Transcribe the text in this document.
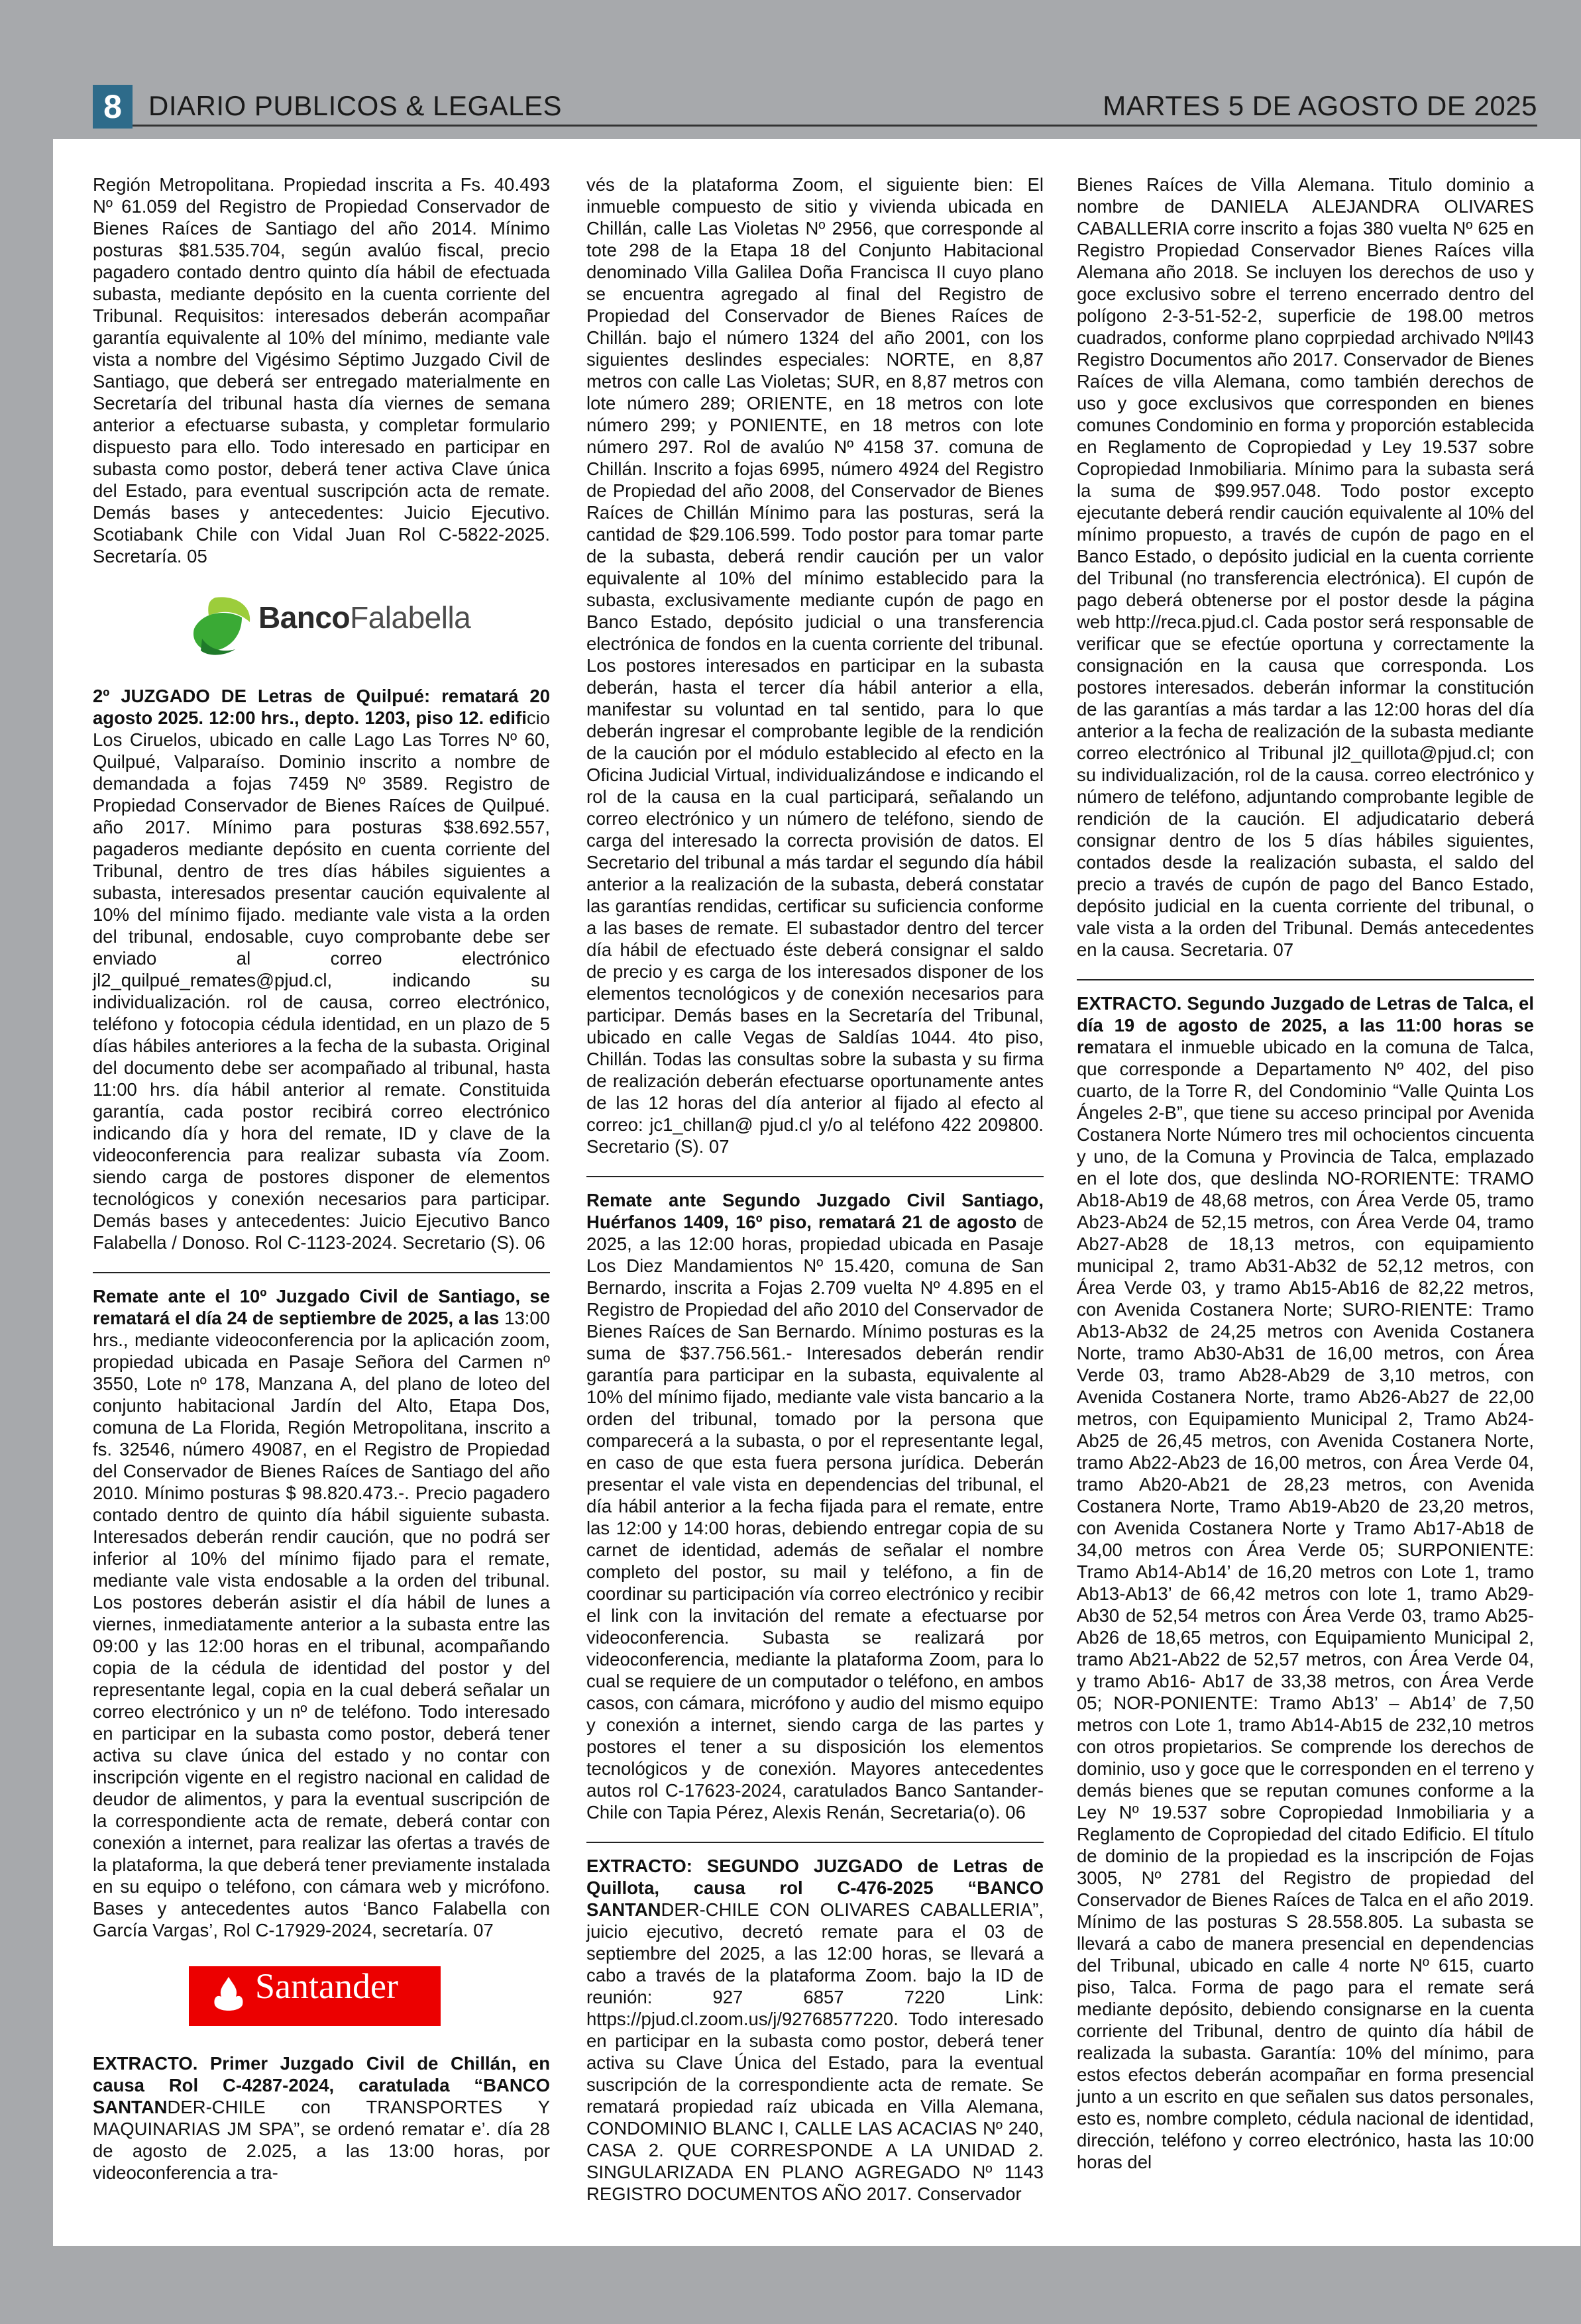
8 DIARIO PUBLICOS & LEGALES	MARTES 5 DE AGOSTO DE 2025

Región Metropolitana. Propiedad inscrita a Fs. 40.493 Nº 61.059 del Registro de Propiedad Conservador de Bienes Raíces de Santiago del año 2014. Mínimo posturas $81.535.704, según avalúo fiscal, precio pagadero contado dentro quinto día hábil de efectuada subasta, mediante depósito en la cuenta corriente del Tribunal. Requisitos: interesados deberán acompañar garantía equivalente al 10% del mínimo, mediante vale vista a nombre del Vigésimo Séptimo Juzgado Civil de Santiago, que deberá ser entregado materialmente en Secretaría del tribunal hasta día viernes de semana anterior a efectuarse subasta, y completar formulario dispuesto para ello. Todo interesado en participar en subasta como postor, deberá tener activa Clave única del Estado, para eventual suscripción acta de remate. Demás bases y antecedentes: Juicio Ejecutivo. Scotiabank Chile con Vidal Juan Rol C-5822-2025. Secretaría. 05

BancoFalabella

2º JUZGADO DE Letras de Quilpué: rematará 20 agosto 2025. 12:00 hrs., depto. 1203, piso 12. edificio Los Ciruelos, ubicado en calle Lago Las Torres Nº 60, Quilpué, Valparaíso. Dominio inscrito a nombre de demandada a fojas 7459 Nº 3589. Registro de Propiedad Conservador de Bienes Raíces de Quilpué. año 2017. Mínimo para posturas $38.692.557, pagaderos mediante depósito en cuenta corriente del Tribunal, dentro de tres días hábiles siguientes a subasta, interesados presentar caución equivalente al 10% del mínimo fijado. mediante vale vista a la orden del tribunal, endosable, cuyo comprobante debe ser enviado al correo electrónico jl2_quilpué_remates@pjud.cl, indicando su individualización. rol de causa, correo electrónico, teléfono y fotocopia cédula identidad, en un plazo de 5 días hábiles anteriores a la fecha de la subasta. Original del documento debe ser acompañado al tribunal, hasta 11:00 hrs. día hábil anterior al remate. Constituida garantía, cada postor recibirá correo electrónico indicando día y hora del remate, ID y clave de la videoconferencia para realizar subasta vía Zoom. siendo carga de postores disponer de elementos tecnológicos y conexión necesarios para participar. Demás bases y antecedentes: Juicio Ejecutivo Banco Falabella / Donoso. Rol C-1123-2024. Secretario (S). 06

Remate ante el 10º Juzgado Civil de Santiago, se rematará el día 24 de septiembre de 2025, a las 13:00 hrs., mediante videoconferencia por la aplicación zoom, propiedad ubicada en Pasaje Señora del Carmen nº 3550, Lote nº 178, Manzana A, del plano de loteo del conjunto habitacional Jardín del Alto, Etapa Dos, comuna de La Florida, Región Metropolitana, inscrito a fs. 32546, número 49087, en el Registro de Propiedad del Conservador de Bienes Raíces de Santiago del año 2010. Mínimo posturas $ 98.820.473.-. Precio pagadero contado dentro de quinto día hábil siguiente subasta. Interesados deberán rendir caución, que no podrá ser inferior al 10% del mínimo fijado para el remate, mediante vale vista endosable a la orden del tribunal. Los postores deberán asistir el día hábil de lunes a viernes, inmediatamente anterior a la subasta entre las 09:00 y las 12:00 horas en el tribunal, acompañando copia de la cédula de identidad del postor y del representante legal, copia en la cual deberá señalar un correo electrónico y un nº de teléfono. Todo interesado en participar en la subasta como postor, deberá tener activa su clave única del estado y no contar con inscripción vigente en el registro nacional en calidad de deudor de alimentos, y para la eventual suscripción de la correspondiente acta de remate, deberá contar con conexión a internet, para realizar las ofertas a través de la plataforma, la que deberá tener previamente instalada en su equipo o teléfono, con cámara web y micrófono. Bases y antecedentes autos ‘Banco Falabella con García Vargas’, Rol C-17929-2024, secretaría. 07

Santander

EXTRACTO. Primer Juzgado Civil de Chillán, en causa Rol C-4287-2024, caratulada “BANCO SANTANDER-CHILE con TRANSPORTES Y MAQUINARIAS JM SPA”, se ordenó rematar e’. día 28 de agosto de 2.025, a las 13:00 horas, por videoconferencia a tra-

vés de la plataforma Zoom, el siguiente bien: El inmueble compuesto de sitio y vivienda ubicada en Chillán, calle Las Violetas Nº 2956, que corresponde al tote 298 de la Etapa 18 del Conjunto Habitacional denominado Villa Galilea Doña Francisca II cuyo plano se encuentra agregado al final del Registro de Propiedad del Conservador de Bienes Raíces de Chillán. bajo el número 1324 del año 2001, con los siguientes deslindes especiales: NORTE, en 8,87 metros con calle Las Violetas; SUR, en 8,87 metros con lote número 289; ORIENTE, en 18 metros con lote número 299; y PONIENTE, en 18 metros con lote número 297. Rol de avalúo Nº 4158 37. comuna de Chillán. Inscrito a fojas 6995, número 4924 del Registro de Propiedad del año 2008, del Conservador de Bienes Raíces de Chillán Mínimo para las posturas, será la cantidad de $29.106.599. Todo postor para tomar parte de la subasta, deberá rendir caución per un valor equivalente al 10% del mínimo establecido para la subasta, exclusivamente mediante cupón de pago en Banco Estado, depósito judicial o una transferencia electrónica de fondos en la cuenta corriente del tribunal. Los postores interesados en participar en la subasta deberán, hasta el tercer día hábil anterior a ella, manifestar su voluntad en tal sentido, para lo que deberán ingresar el comprobante legible de la rendición de la caución por el módulo establecido al efecto en la Oficina Judicial Virtual, individualizándose e indicando el rol de la causa en la cual participará, señalando un correo electrónico y un número de teléfono, siendo de carga del interesado la correcta provisión de datos. El Secretario del tribunal a más tardar el segundo día hábil anterior a la realización de la subasta, deberá constatar las garantías rendidas, certificar su suficiencia conforme a las bases de remate. El subastador dentro del tercer día hábil de efectuado éste deberá consignar el saldo de precio y es carga de los interesados disponer de los elementos tecnológicos y de conexión necesarios para participar. Demás bases en la Secretaría del Tribunal, ubicado en calle Vegas de Saldías 1044. 4to piso, Chillán. Todas las consultas sobre la subasta y su firma de realización deberán efectuarse oportunamente antes de las 12 horas del día anterior al fijado al efecto al correo: jc1_chillan@ pjud.cl y/o al teléfono 422 209800. Secretario (S). 07

Remate ante Segundo Juzgado Civil Santiago, Huérfanos 1409, 16º piso, rematará 21 de agosto de 2025, a las 12:00 horas, propiedad ubicada en Pasaje Los Diez Mandamientos Nº 15.420, comuna de San Bernardo, inscrita a Fojas 2.709 vuelta Nº 4.895 en el Registro de Propiedad del año 2010 del Conservador de Bienes Raíces de San Bernardo. Mínimo posturas es la suma de $37.756.561.- Interesados deberán rendir garantía para participar en la subasta, equivalente al 10% del mínimo fijado, mediante vale vista bancario a la orden del tribunal, tomado por la persona que comparecerá a la subasta, o por el representante legal, en caso de que esta fuera persona jurídica. Deberán presentar el vale vista en dependencias del tribunal, el día hábil anterior a la fecha fijada para el remate, entre las 12:00 y 14:00 horas, debiendo entregar copia de su carnet de identidad, además de señalar el nombre completo del postor, su mail y teléfono, a fin de coordinar su participación vía correo electrónico y recibir el link con la invitación del remate a efectuarse por videoconferencia. Subasta se realizará por videoconferencia, mediante la plataforma Zoom, para lo cual se requiere de un computador o teléfono, en ambos casos, con cámara, micrófono y audio del mismo equipo y conexión a internet, siendo carga de las partes y postores el tener a su disposición los elementos tecnológicos y de conexión. Mayores antecedentes autos rol C-17623-2024, caratulados Banco Santander-Chile con Tapia Pérez, Alexis Renán, Secretaria(o). 06

EXTRACTO: SEGUNDO JUZGADO de Letras de Quillota, causa rol C-476-2025 “BANCO SANTANDER-CHILE CON OLIVARES CABALLERIA”, juicio ejecutivo, decretó remate para el 03 de septiembre del 2025, a las 12:00 horas, se llevará a cabo a través de la plataforma Zoom. bajo la ID de reunión: 927 6857 7220 Link: https://pjud.cl.zoom.us/j/92768577220. Todo interesado en participar en la subasta como postor, deberá tener activa su Clave Única del Estado, para la eventual suscripción de la correspondiente acta de remate. Se rematará propiedad raíz ubicada en Villa Alemana, CONDOMINIO BLANC I, CALLE LAS ACACIAS Nº 240, CASA 2. QUE CORRESPONDE A LA UNIDAD 2. SINGULARIZADA EN PLANO AGREGADO Nº 1143 REGISTRO DOCUMENTOS AÑO 2017. Conservador

Bienes Raíces de Villa Alemana. Titulo dominio a nombre de DANIELA ALEJANDRA OLIVARES CABALLERIA corre inscrito a fojas 380 vuelta Nº 625 en Registro Propiedad Conservador Bienes Raíces villa Alemana año 2018. Se incluyen los derechos de uso y goce exclusivo sobre el terreno encerrado dentro del polígono 2-3-51-52-2, superficie de 198.00 metros cuadrados, conforme plano coprpiedad archivado Nºll43 Registro Documentos año 2017. Conservador de Bienes Raíces de villa Alemana, como también derechos de uso y goce exclusivos que corresponden en bienes comunes Condominio en forma y proporción establecida en Reglamento de Copropiedad y Ley 19.537 sobre Copropiedad Inmobiliaria. Mínimo para la subasta será la suma de $99.957.048. Todo postor excepto ejecutante deberá rendir caución equivalente al 10% del mínimo propuesto, a través de cupón de pago en el Banco Estado, o depósito judicial en la cuenta corriente del Tribunal (no transferencia electrónica). El cupón de pago deberá obtenerse por el postor desde la página web http://reca.pjud.cl. Cada postor será responsable de verificar que se efectúe oportuna y correctamente la consignación en la causa que corresponda. Los postores interesados. deberán informar la constitución de las garantías a más tardar a las 12:00 horas del día anterior a la fecha de realización de la subasta mediante correo electrónico al Tribunal jl2_quillota@pjud.cl; con su individualización, rol de la causa. correo electrónico y número de teléfono, adjuntando comprobante legible de rendición de la caución. El adjudicatario deberá consignar dentro de los 5 días hábiles siguientes, contados desde la realización subasta, el saldo del precio a través de cupón de pago del Banco Estado, depósito judicial en la cuenta corriente del tribunal, o vale vista a la orden del Tribunal. Demás antecedentes en la causa. Secretaria. 07

EXTRACTO. Segundo Juzgado de Letras de Talca, el día 19 de agosto de 2025, a las 11:00 horas se rematara el inmueble ubicado en la comuna de Talca, que corresponde a Departamento Nº 402, del piso cuarto, de la Torre R, del Condominio “Valle Quinta Los Ángeles 2-B”, que tiene su acceso principal por Avenida Costanera Norte Número tres mil ochocientos cincuenta y uno, de la Comuna y Provincia de Talca, emplazado en el lote dos, que deslinda NO-RORIENTE: TRAMO Ab18-Ab19 de 48,68 metros, con Área Verde 05, tramo Ab23-Ab24 de 52,15 metros, con Área Verde 04, tramo Ab27-Ab28 de 18,13 metros, con equipamiento municipal 2, tramo Ab31-Ab32 de 52,12 metros, con Área Verde 03, y tramo Ab15-Ab16 de 82,22 metros, con Avenida Costanera Norte; SURO-RIENTE: Tramo Ab13-Ab32 de 24,25 metros con Avenida Costanera Norte, tramo Ab30-Ab31 de 16,00 metros, con Área Verde 03, tramo Ab28-Ab29 de 3,10 metros, con Avenida Costanera Norte, tramo Ab26-Ab27 de 22,00 metros, con Equipamiento Municipal 2, Tramo Ab24-Ab25 de 26,45 metros, con Avenida Costanera Norte, tramo Ab22-Ab23 de 16,00 metros, con Área Verde 04, tramo Ab20-Ab21 de 28,23 metros, con Avenida Costanera Norte, Tramo Ab19-Ab20 de 23,20 metros, con Avenida Costanera Norte y Tramo Ab17-Ab18 de 34,00 metros con Área Verde 05; SURPONIENTE: Tramo Ab14-Ab14’ de 16,20 metros con Lote 1, tramo Ab13-Ab13’ de 66,42 metros con lote 1, tramo Ab29-Ab30 de 52,54 metros con Área Verde 03, tramo Ab25-Ab26 de 18,65 metros, con Equipamiento Municipal 2, tramo Ab21-Ab22 de 52,57 metros, con Área Verde 04, y tramo Ab16- Ab17 de 33,38 metros, con Área Verde 05; NOR-PONIENTE: Tramo Ab13’ – Ab14’ de 7,50 metros con Lote 1, tramo Ab14-Ab15 de 232,10 metros con otros propietarios. Se comprende los derechos de dominio, uso y goce que le corresponden en el terreno y demás bienes que se reputan comunes conforme a la Ley Nº 19.537 sobre Copropiedad Inmobiliaria y a Reglamento de Copropiedad del citado Edificio. El título de dominio de la propiedad es la inscripción de Fojas 3005, Nº 2781 del Registro de propiedad del Conservador de Bienes Raíces de Talca en el año 2019. Mínimo de las posturas S 28.558.805. La subasta se llevará a cabo de manera presencial en dependencias del Tribunal, ubicado en calle 4 norte Nº 615, cuarto piso, Talca. Forma de pago para el remate será mediante depósito, debiendo consignarse en la cuenta corriente del Tribunal, dentro de quinto día hábil de realizada la subasta. Garantía: 10% del mínimo, para estos efectos deberán acompañar en forma presencial junto a un escrito en que señalen sus datos personales, esto es, nombre completo, cédula nacional de identidad, dirección, teléfono y correo electrónico, hasta las 10:00 horas del
